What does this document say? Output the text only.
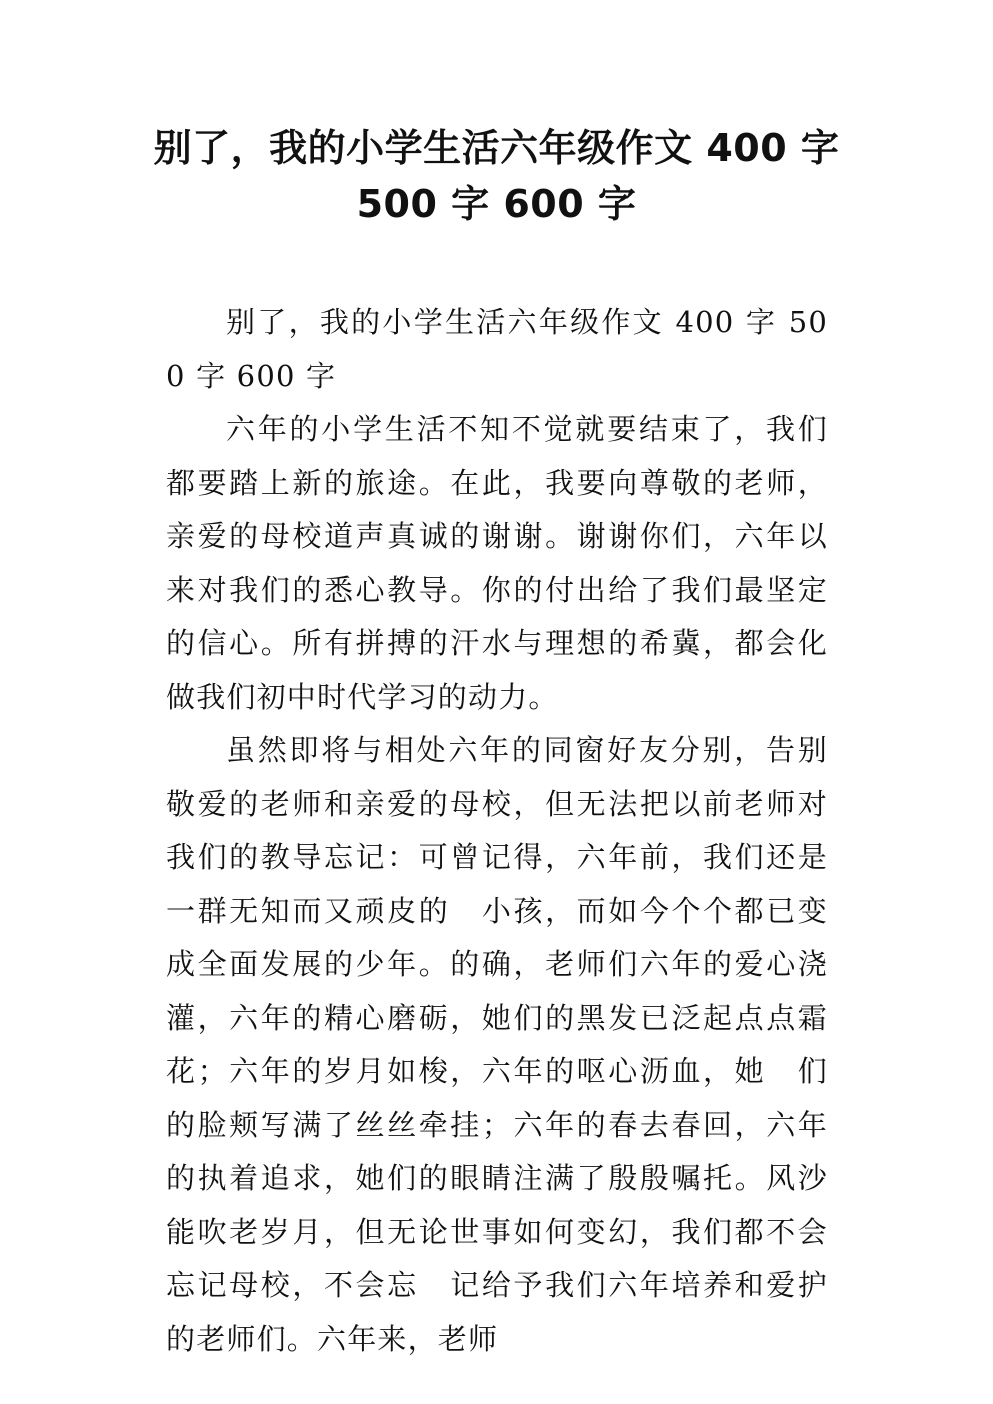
别了，我的小学生活六年级作文 400 字 500 字 600 字

别了，我的小学生活六年级作文 400 字 500 字 600 字

六年的小学生活不知不觉就要结束了，我们都要踏上新的旅途。在此，我要向尊敬的老师，亲爱的母校道声真诚的谢谢。谢谢你们，六年以来对我们的悉心教导。你的付出给了我们最坚定的信心。所有拼搏的汗水与理想的希冀，都会化做我们初中时代学习的动力。

虽然即将与相处六年的同窗好友分别，告别敬爱的老师和亲爱的母校，但无法把以前老师对我们的教导忘记：可曾记得，六年前，我们还是一群无知而又顽皮的　小孩，而如今个个都已变成全面发展的少年。的确，老师们六年的爱心浇灌，六年的精心磨砺，她们的黑发已泛起点点霜花；六年的岁月如梭，六年的呕心沥血，她　们的脸颊写满了丝丝牵挂；六年的春去春回，六年的执着追求，她们的眼睛注满了殷殷嘱托。风沙能吹老岁月，但无论世事如何变幻，我们都不会忘记母校，不会忘　记给予我们六年培养和爱护的老师们。六年来，老师
